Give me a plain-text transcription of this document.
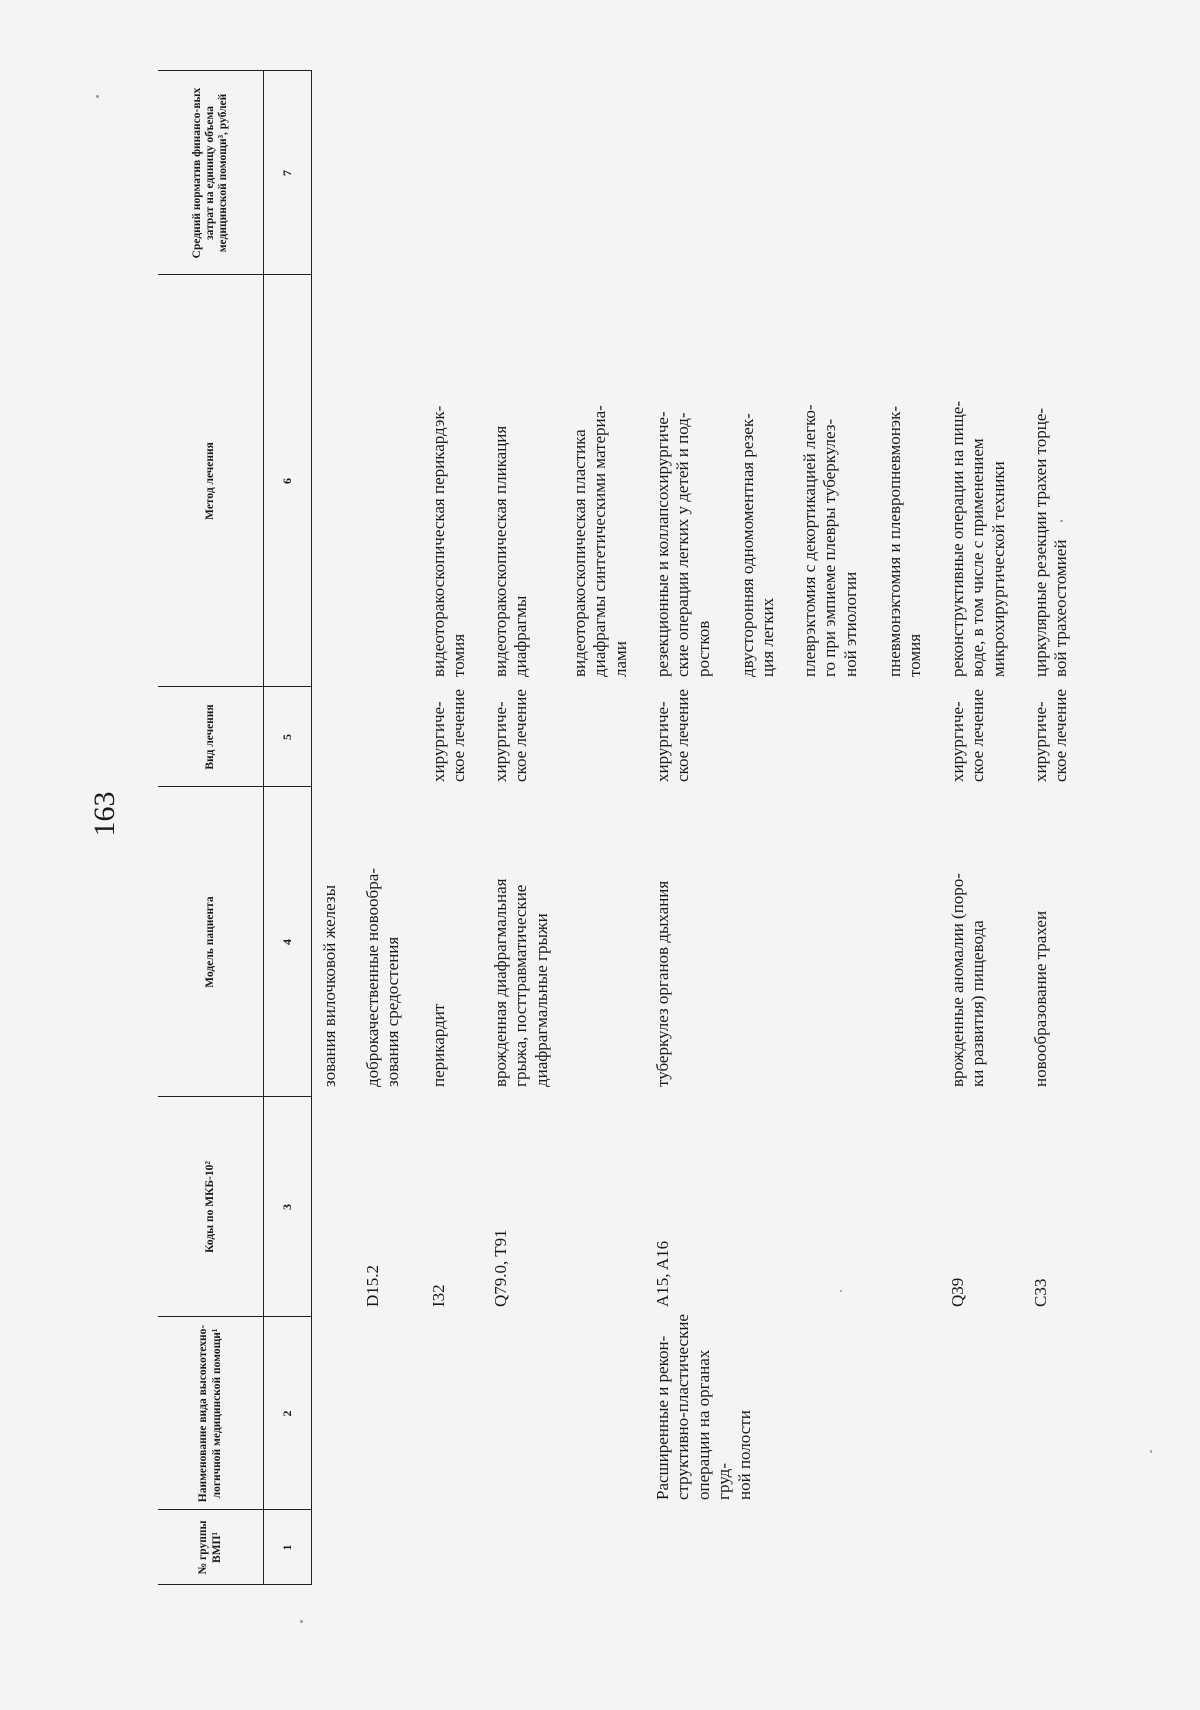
163
№ группы ВМП¹
Наименование вида высокотехно-логичной медицинской помощи¹
Коды по МКБ-10²
Модель пациента
Вид лечения
Метод лечения
Средний норматив финансо-вых затрат на единицу объема медицинской помощи³, рублей
1
2
3
4
5
6
7
зования вилочковой железы
D15.2
доброкачественные новообра-
зования средостения
I32
перикардит
хирургиче-
ское лечение
видеоторакоскопическая перикардэк-
томия
Q79.0, T91
врожденная диафрагмальная
грыжа, посттравматические
диафрагмальные грыжи
хирургиче-
ское лечение
видеоторакоскопическая пликация
диафрагмы видеоторакоскопическая пластика
диафрагмы синтетическими материа-
лами
Расширенные и рекон-
структивно-пластические
операции на органах груд-
ной полости
A15, A16
туберкулез органов дыхания
хирургиче-
ское лечение
резекционные и коллапсохирургиче-
ские операции легких у детей и под-
ростков двусторонняя одномоментная резек-
ция легких плеврэктомия с декортикацией легко-
го при эмпиеме плевры туберкулез-
ной этиологии пневмонэктомия и плевропневмонэк-
томия
Q39
врожденные аномалии (поро-
ки развития) пищевода
хирургиче-
ское лечение
реконструктивные операции на пище-
воде, в том числе с применением
микрохирургической техники
C33
новообразование трахеи
хирургиче-
ское лечение
циркулярные резекции трахеи торце-
вой трахеостомией
